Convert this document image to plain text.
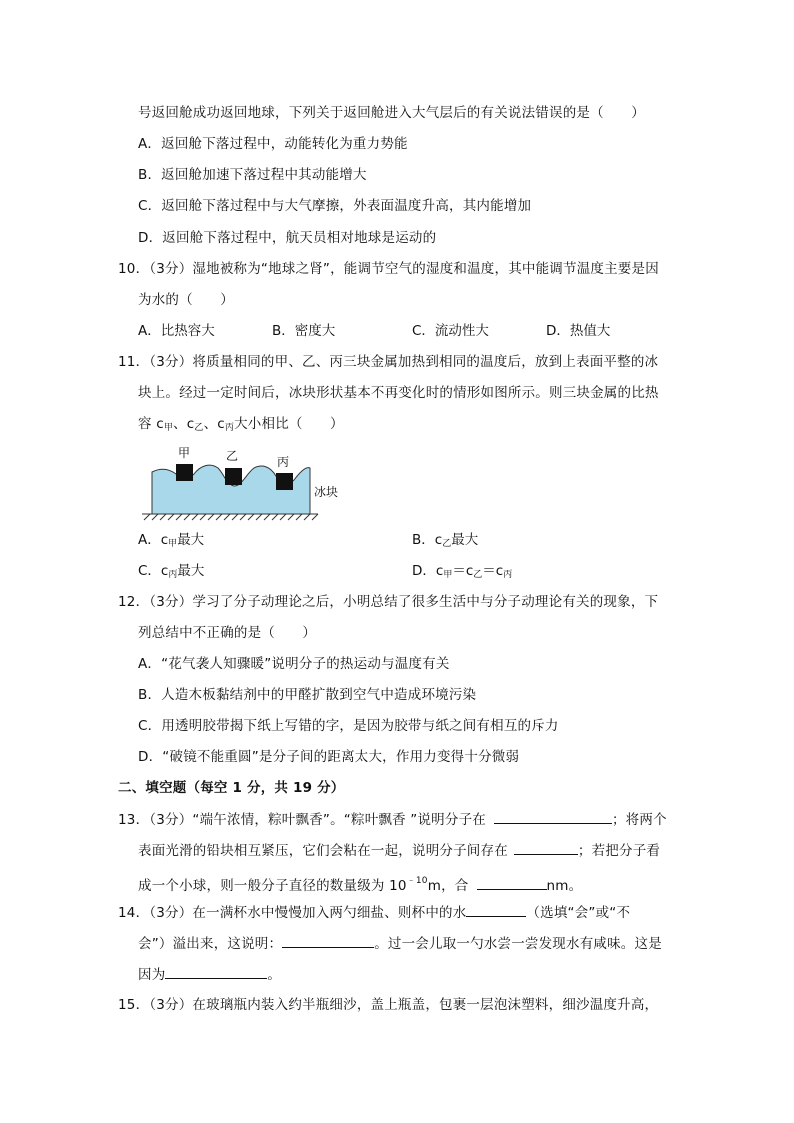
号返回舱成功返回地球，下列关于返回舱进入大气层后的有关说法错误的是（　　）
A．返回舱下落过程中，动能转化为重力势能
B．返回舱加速下落过程中其动能增大
C．返回舱下落过程中与大气摩擦，外表面温度升高，其内能增加
D．返回舱下落过程中，航天员相对地球是运动的
10．（3分）湿地被称为“地球之肾”，能调节空气的湿度和温度，其中能调节温度主要是因
为水的（　　）
A．比热容大	B．密度大	C．流动性大	D．热值大
11．（3分）将质量相同的甲、乙、丙三块金属加热到相同的温度后，放到上表面平整的冰
块上。经过一定时间后，冰块形状基本不再变化时的情形如图所示。则三块金属的比热
容 $c_甲$、$c_乙$、$c_丙$大小相比（　　）
甲	乙	丙
冰块
A．$c_甲$最大	B．$c_乙$最大
C．$c_丙$最大	D．$c_甲=c_乙=c_丙$
12．（3分）学习了分子动理论之后，小明总结了很多生活中与分子动理论有关的现象，下
列总结中不正确的是（　　）
A．“花气袭人知骤暖”说明分子的热运动与温度有关
B．人造木板黏结剂中的甲醛扩散到空气中造成环境污染
C．用透明胶带揭下纸上写错的字，是因为胶带与纸之间有相互的斥力
D．“破镜不能重圆”是分子间的距离太大，作用力变得十分微弱
二、填空题（每空 1 分，共 19 分）
13．（3分）“端午浓情，粽叶飘香”。“粽叶飘香 ”说明分子在	；将两个
表面光滑的铅块相互紧压，它们会粘在一起，说明分子间存在	；若把分子看
成一个小球，则一般分子直径的数量级为 $10^{﹣10}m$，合	nm。
14．（3分）在一满杯水中慢慢加入两勺细盐、则杯中的水	（选填“会”或“不
会”）溢出来，这说明：	。过一会儿取一勺水尝一尝发现水有咸味。这是
因为	。
15．（3分）在玻璃瓶内装入约半瓶细沙，盖上瓶盖，包裹一层泡沫塑料，细沙温度升高，
